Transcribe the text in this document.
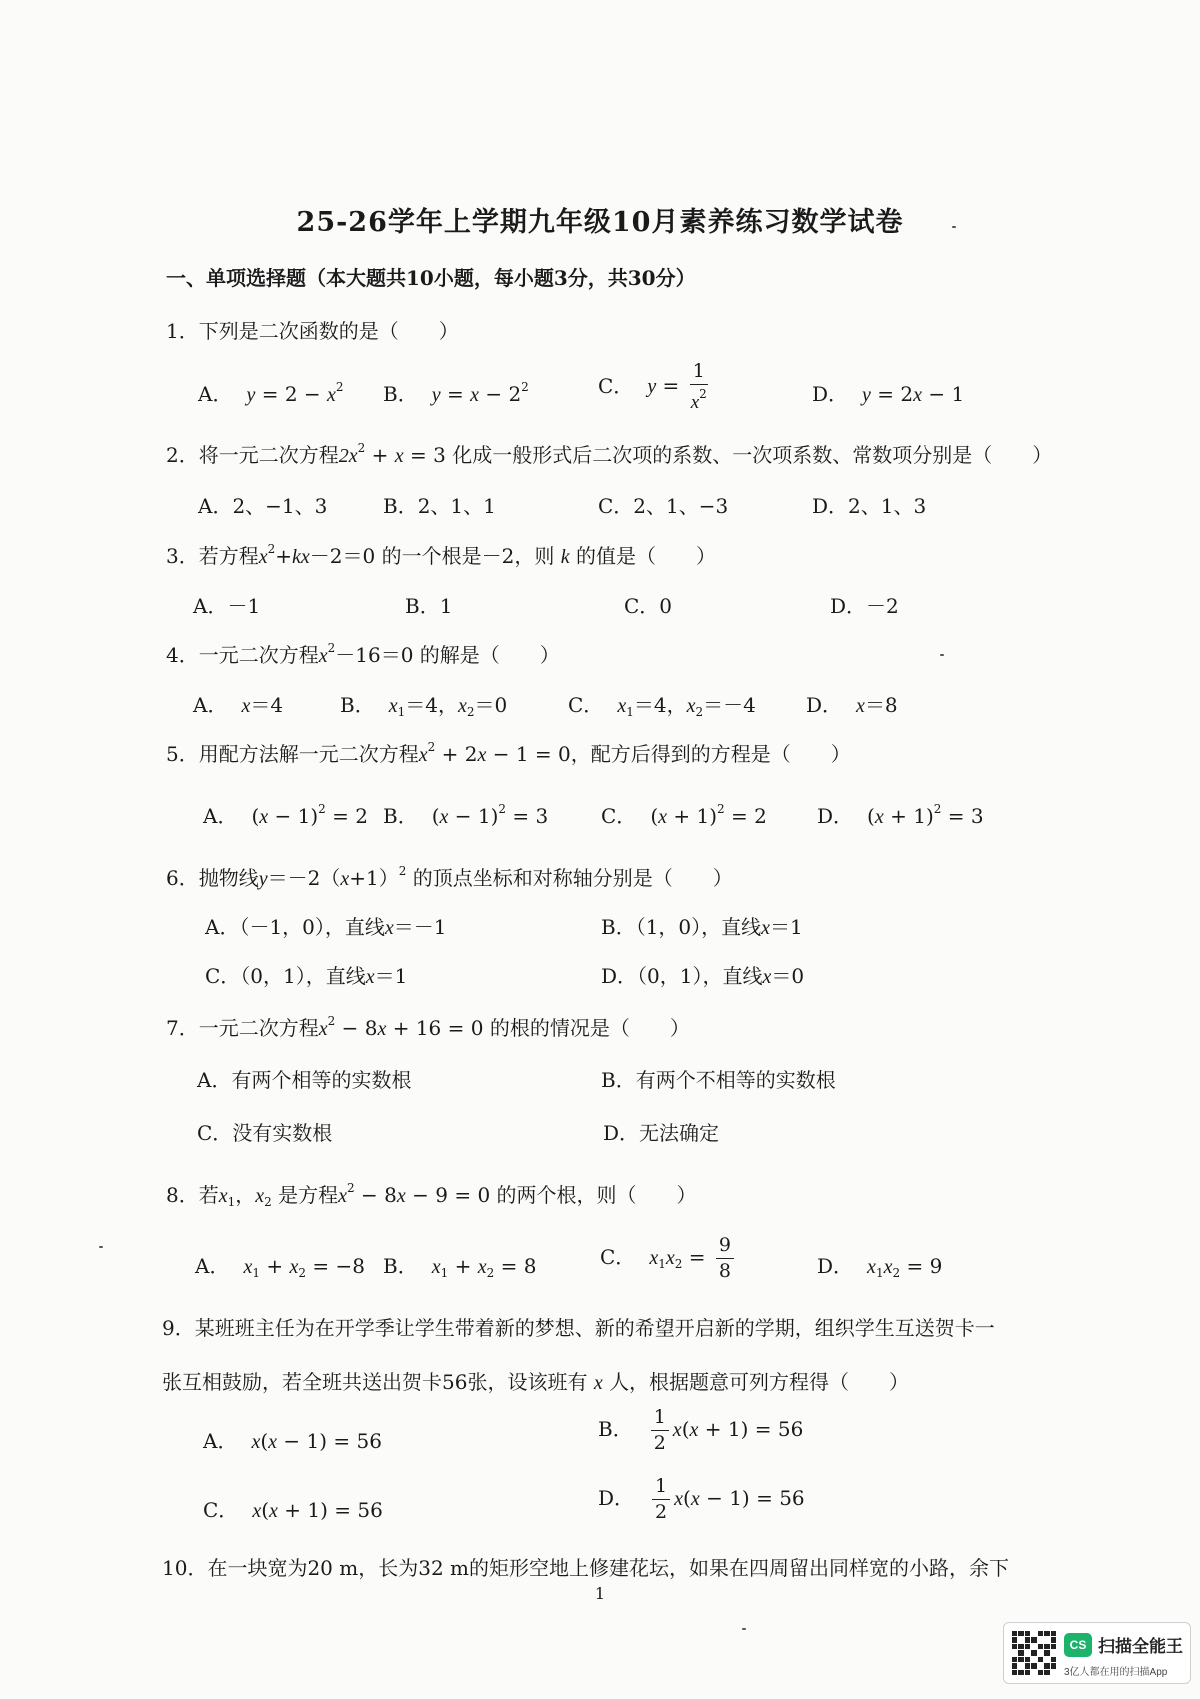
25-26学年上学期九年级10月素养练习数学试卷
一、单项选择题（本大题共10小题，每小题3分，共30分）
1．下列是二次函数的是（　　）
A． $y = 2 - x^2$ B． $y = x - 2^2$	C． $y = \frac{1}{x^2}$	D． y = 2x − 1
2．将一元二次方程$2x^2 + x = 3$ 化成一般形式后二次项的系数、一次项系数、常数项分别是（　　）
A．2、−1、3	B．2、1、1	C．2、1、−3	D．2、1、3
3．若方程$x^2+kx-2=0$ 的一个根是－2，则 k 的值是（　　）
A．－1	B．1	C．0	D．－2
4．一元二次方程$x^2-16=0$ 的解是（　　）
A． x＝4	B． $x_1=4$，$x_2=0$	C． $x_1=4$，$x_2=-4$	D． x＝8
5．用配方法解一元二次方程$x^2 + 2x - 1 = 0$，配方后得到的方程是（　　）
A． $(x - 1)^2 = 2$ B． $(x - 1)^2 = 3$	C． $(x + 1)^2 = 2$	D． $(x + 1)^2 = 3$
6．抛物线$y=-2(x+1)^2$ 的顶点坐标和对称轴分别是（　　）
A．（－1，0），直线x＝－1	B．（1，0），直线x＝1
C．（0，1），直线x＝1	D．（0，1），直线x＝0
7．一元二次方程$x^2 - 8x + 16 = 0$ 的根的情况是（　　）
A．有两个相等的实数根	B．有两个不相等的实数根
C．没有实数根	D．无法确定
8．若$x_1$，$x_2$ 是方程$x^2 - 8x - 9 = 0$ 的两个根，则（　　）
A． $x_1 + x_2 = -8$ B． $x_1 + x_2 = 8$	C． $x_1x_2 = \frac{9}{8}$	D． $x_1x_2 = 9$
9．某班班主任为在开学季让学生带着新的梦想、新的希望开启新的学期，组织学生互送贺卡一
张互相鼓励，若全班共送出贺卡56张，设该班有 x 人，根据题意可列方程得（　　）
A． x(x − 1) = 56	B． $\frac{1}{2} x(x + 1) = 56$
C． x(x + 1) = 56	D． $\frac{1}{2} x(x - 1) = 56$
10．在一块宽为20 m，长为32 m的矩形空地上修建花坛，如果在四周留出同样宽的小路，余下
1
CS 扫描全能王
3亿人都在用的扫描App
